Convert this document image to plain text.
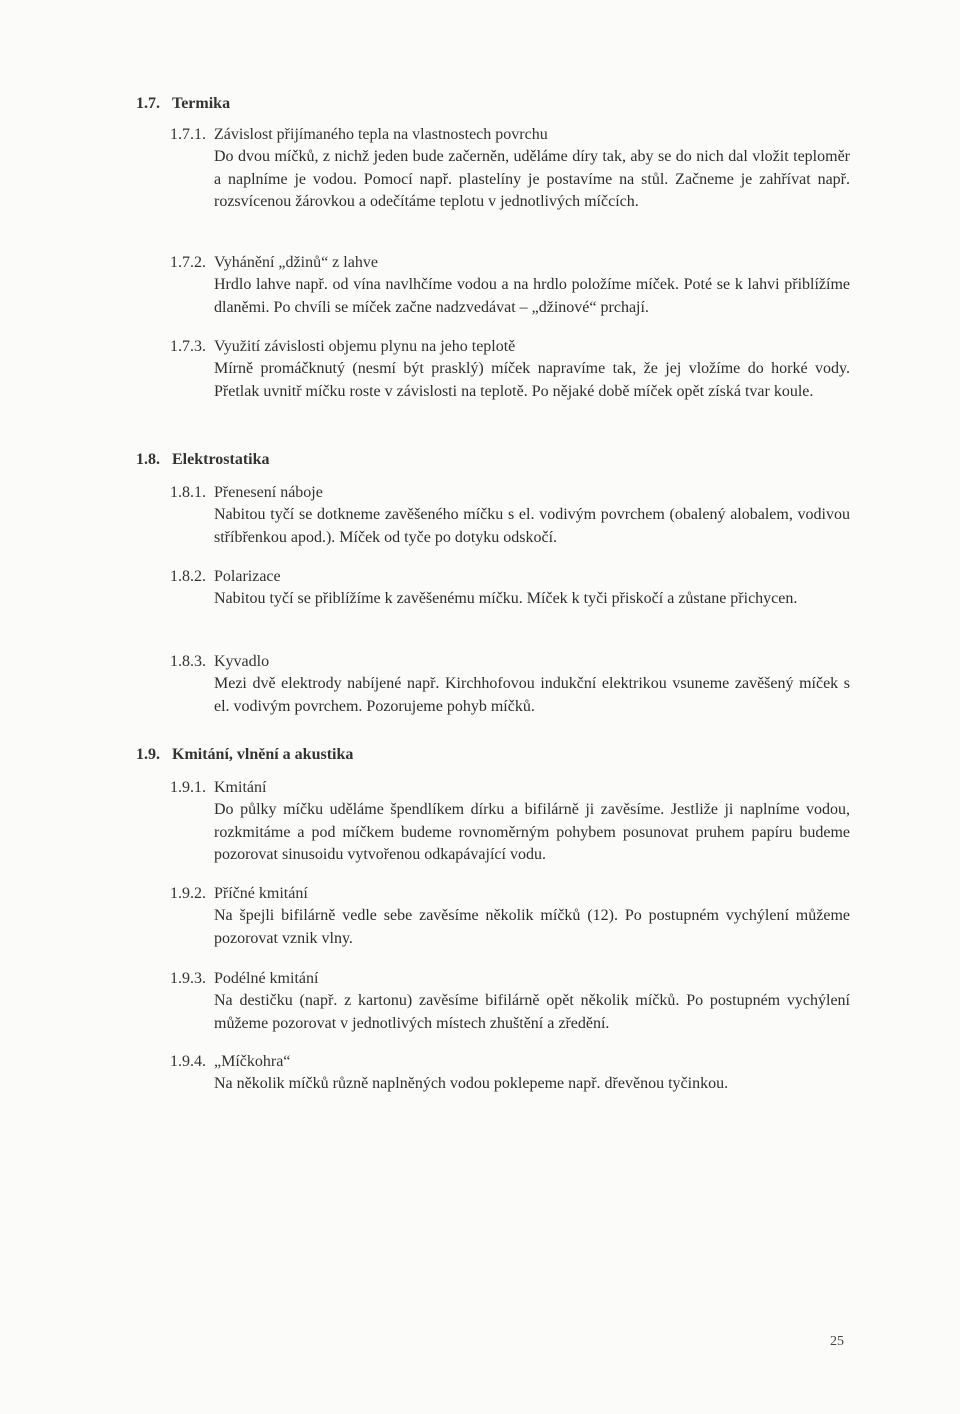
1.7. Termika
1.7.1. Závislost přijímaného tepla na vlastnostech povrchu
Do dvou míčků, z nichž jeden bude začerněn, uděláme díry tak, aby se do nich dal vložit teploměr a naplníme je vodou. Pomocí např. plastelíny je postavíme na stůl. Začneme je zahřívat např. rozsvícenou žárovkou a odečítáme teplotu v jednotlivých míčcích.
1.7.2. Vyhánění „džinů“ z lahve
Hrdlo lahve např. od vína navlhčíme vodou a na hrdlo položíme míček. Poté se k lahvi přiblížíme dlaněmi. Po chvíli se míček začne nadzvedávat – „džinové“ prchají.
1.7.3. Využití závislosti objemu plynu na jeho teplotě
Mírně promáčknutý (nesmí být prasklý) míček napravíme tak, že jej vložíme do horké vody. Přetlak uvnitř míčku roste v závislosti na teplotě. Po nějaké době míček opět získá tvar koule.
1.8. Elektrostatika
1.8.1. Přenesení náboje
Nabitou tyčí se dotkneme zavěšeného míčku s el. vodivým povrchem (obalený alobalem, vodivou stříbřenkou apod.). Míček od tyče po dotyku odskočí.
1.8.2. Polarizace
Nabitou tyčí se přiblížíme k zavěšenému míčku. Míček k tyči přiskočí a zůstane přichycen.
1.8.3. Kyvadlo
Mezi dvě elektrody nabíjené např. Kirchhofovou indukční elektrikou vsuneme zavěšený míček s el. vodivým povrchem. Pozorujeme pohyb míčků.
1.9. Kmitání, vlnění a akustika
1.9.1. Kmitání
Do půlky míčku uděláme špendlíkem dírku a bifilárně ji zavěsíme. Jestliže ji naplníme vodou, rozkmitáme a pod míčkem budeme rovnoměrným pohybem posunovat pruhem papíru budeme pozorovat sinusoidu vytvořenou odkapávající vodu.
1.9.2. Příčné kmitání
Na špejli bifilárně vedle sebe zavěsíme několik míčků (12). Po postupném vychýlení můžeme pozorovat vznik vlny.
1.9.3. Podélné kmitání
Na destičku (např. z kartonu) zavěsíme bifilárně opět několik míčků. Po postupném vychýlení můžeme pozorovat v jednotlivých místech zhuštění a zředění.
1.9.4. „Míčkohra“
Na několik míčků různě naplněných vodou poklepeme např. dřevěnou tyčinkou.
25
